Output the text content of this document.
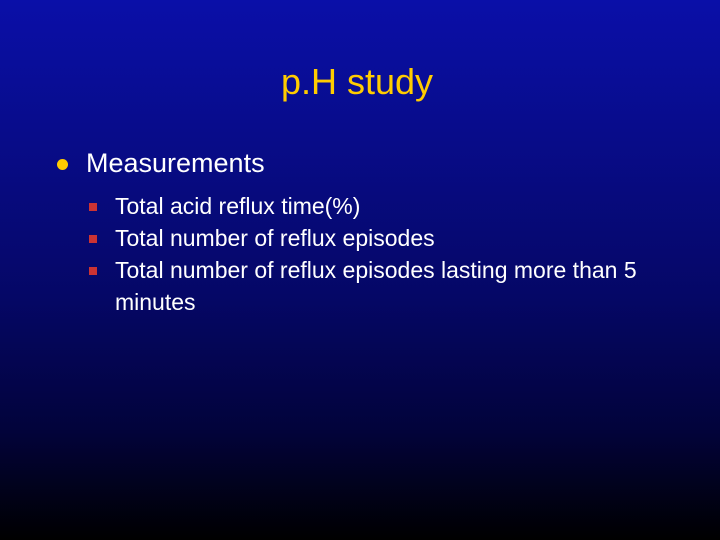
p.H study
Measurements
Total acid reflux time(%)
Total number of reflux episodes
Total number of reflux episodes lasting more than 5 minutes
